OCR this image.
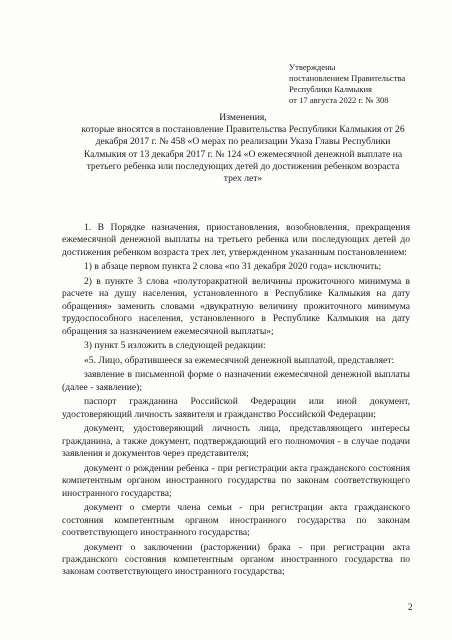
Утверждены
постановлением Правительства
Республики Калмыкия
от 17 августа 2022 г. № 308
Изменения,
которые вносятся в постановление Правительства Республики Калмыкия от 26 декабря 2017 г. № 458 «О мерах по реализации Указа Главы Республики Калмыкия от 13 декабря 2017 г. № 124 «О ежемесячной денежной выплате на третьего ребенка или последующих детей до достижения ребенком возраста трех лет»

1. В Порядке назначения, приостановления, возобновления, прекращения ежемесячной денежной выплаты на третьего ребенка или последующих детей до достижения ребенком возраста трех лет, утвержденном указанным постановлением:

1) в абзаце первом пункта 2 слова «по 31 декабря 2020 года» исключить;

2) в пункте 3 слова «полуторакратной величины прожиточного минимума в расчете на душу населения, установленного в Республике Калмыкия на дату обращения» заменить словами «двукратную величину прожиточного минимума трудоспособного населения, установленного в Республике Калмыкия на дату обращения за назначением ежемесячной выплаты»;

3) пункт 5 изложить в следующей редакции:

«5. Лицо, обратившееся за ежемесячной денежной выплатой, представляет:

заявление в письменной форме о назначении ежемесячной денежной выплаты (далее - заявление);

паспорт гражданина Российской Федерации или иной документ, удостоверяющий личность заявителя и гражданство Российской Федерации;

документ, удостоверяющий личность лица, представляющего интересы гражданина, а также документ, подтверждающий его полномочия - в случае подачи заявления и документов через представителя;

документ о рождении ребенка - при регистрации акта гражданского состояния компетентным органом иностранного государства по законам соответствующего иностранного государства;

документ о смерти члена семьи - при регистрации акта гражданского состояния компетентным органом иностранного государства по законам соответствующего иностранного государства;

документ о заключении (расторжении) брака - при регистрации акта гражданского состояния компетентным органом иностранного государства по законам соответствующего иностранного государства;

2
